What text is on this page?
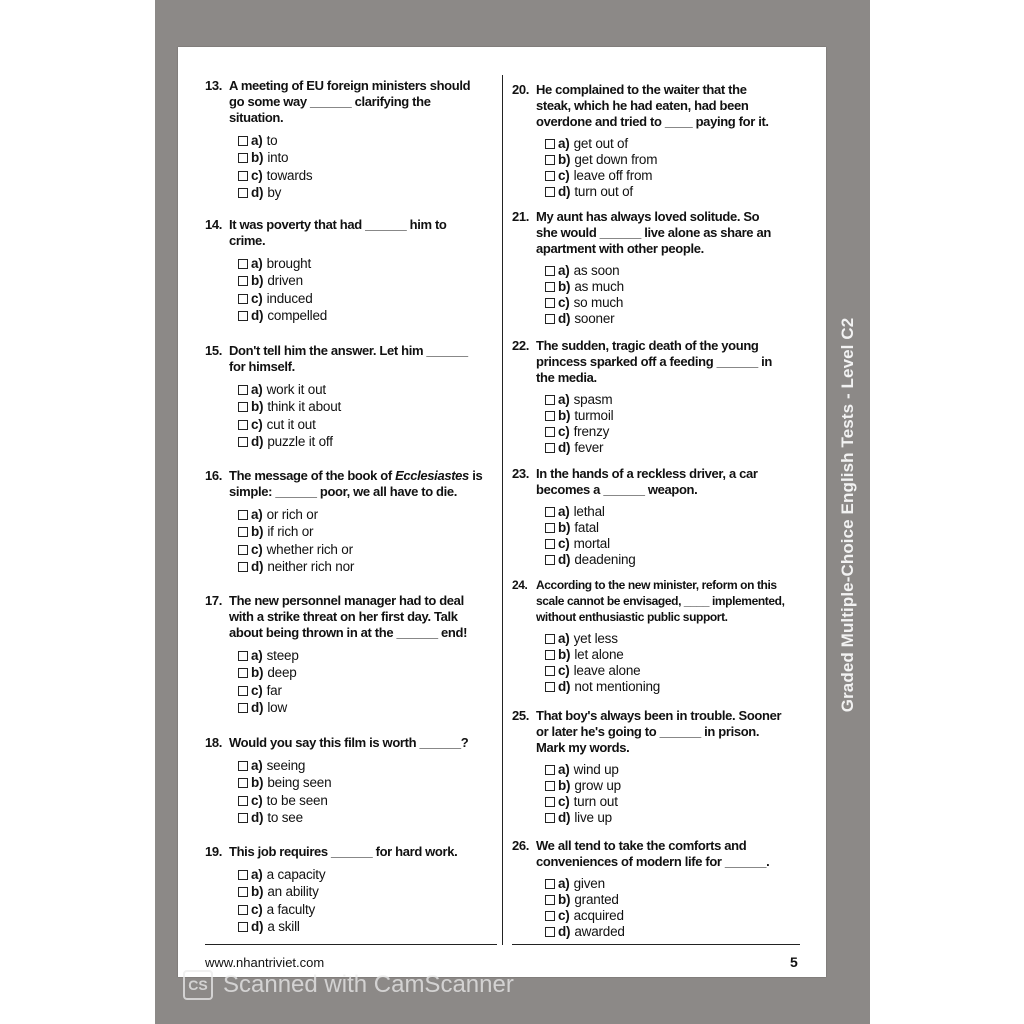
13. A meeting of EU foreign ministers should
go some way ______ clarifying the
situation.
a) to
b) into
c) towards
d) by
14. It was poverty that had ______ him to
crime.
a) brought
b) driven
c) induced
d) compelled
15. Don't tell him the answer. Let him ______
for himself.
a) work it out
b) think it about
c) cut it out
d) puzzle it off
16. The message of the book of Ecclesiastes is
simple: ______ poor, we all have to die.
a) or rich or
b) if rich or
c) whether rich or
d) neither rich nor
17. The new personnel manager had to deal
with a strike threat on her first day. Talk
about being thrown in at the ______ end!
a) steep
b) deep
c) far
d) low
18. Would you say this film is worth ______?
a) seeing
b) being seen
c) to be seen
d) to see
19. This job requires ______ for hard work.
a) a capacity
b) an ability
c) a faculty
d) a skill
20. He complained to the waiter that the
steak, which he had eaten, had been
overdone and tried to ____ paying for it.
a) get out of
b) get down from
c) leave off from
d) turn out of
21. My aunt has always loved solitude. So
she would ______ live alone as share an
apartment with other people.
a) as soon
b) as much
c) so much
d) sooner
22. The sudden, tragic death of the young
princess sparked off a feeding ______ in
the media.
a) spasm
b) turmoil
c) frenzy
d) fever
23. In the hands of a reckless driver, a car
becomes a ______ weapon.
a) lethal
b) fatal
c) mortal
d) deadening
24. According to the new minister, reform on this
scale cannot be envisaged, ____ implemented,
without enthusiastic public support.
a) yet less
b) let alone
c) leave alone
d) not mentioning
25. That boy's always been in trouble. Sooner
or later he's going to ______ in prison.
Mark my words.
a) wind up
b) grow up
c) turn out
d) live up
26. We all tend to take the comforts and
conveniences of modern life for ______.
a) given
b) granted
c) acquired
d) awarded
www.nhantriviet.com	5
Graded Multiple-Choice English Tests - Level C2
CS Scanned with CamScanner
